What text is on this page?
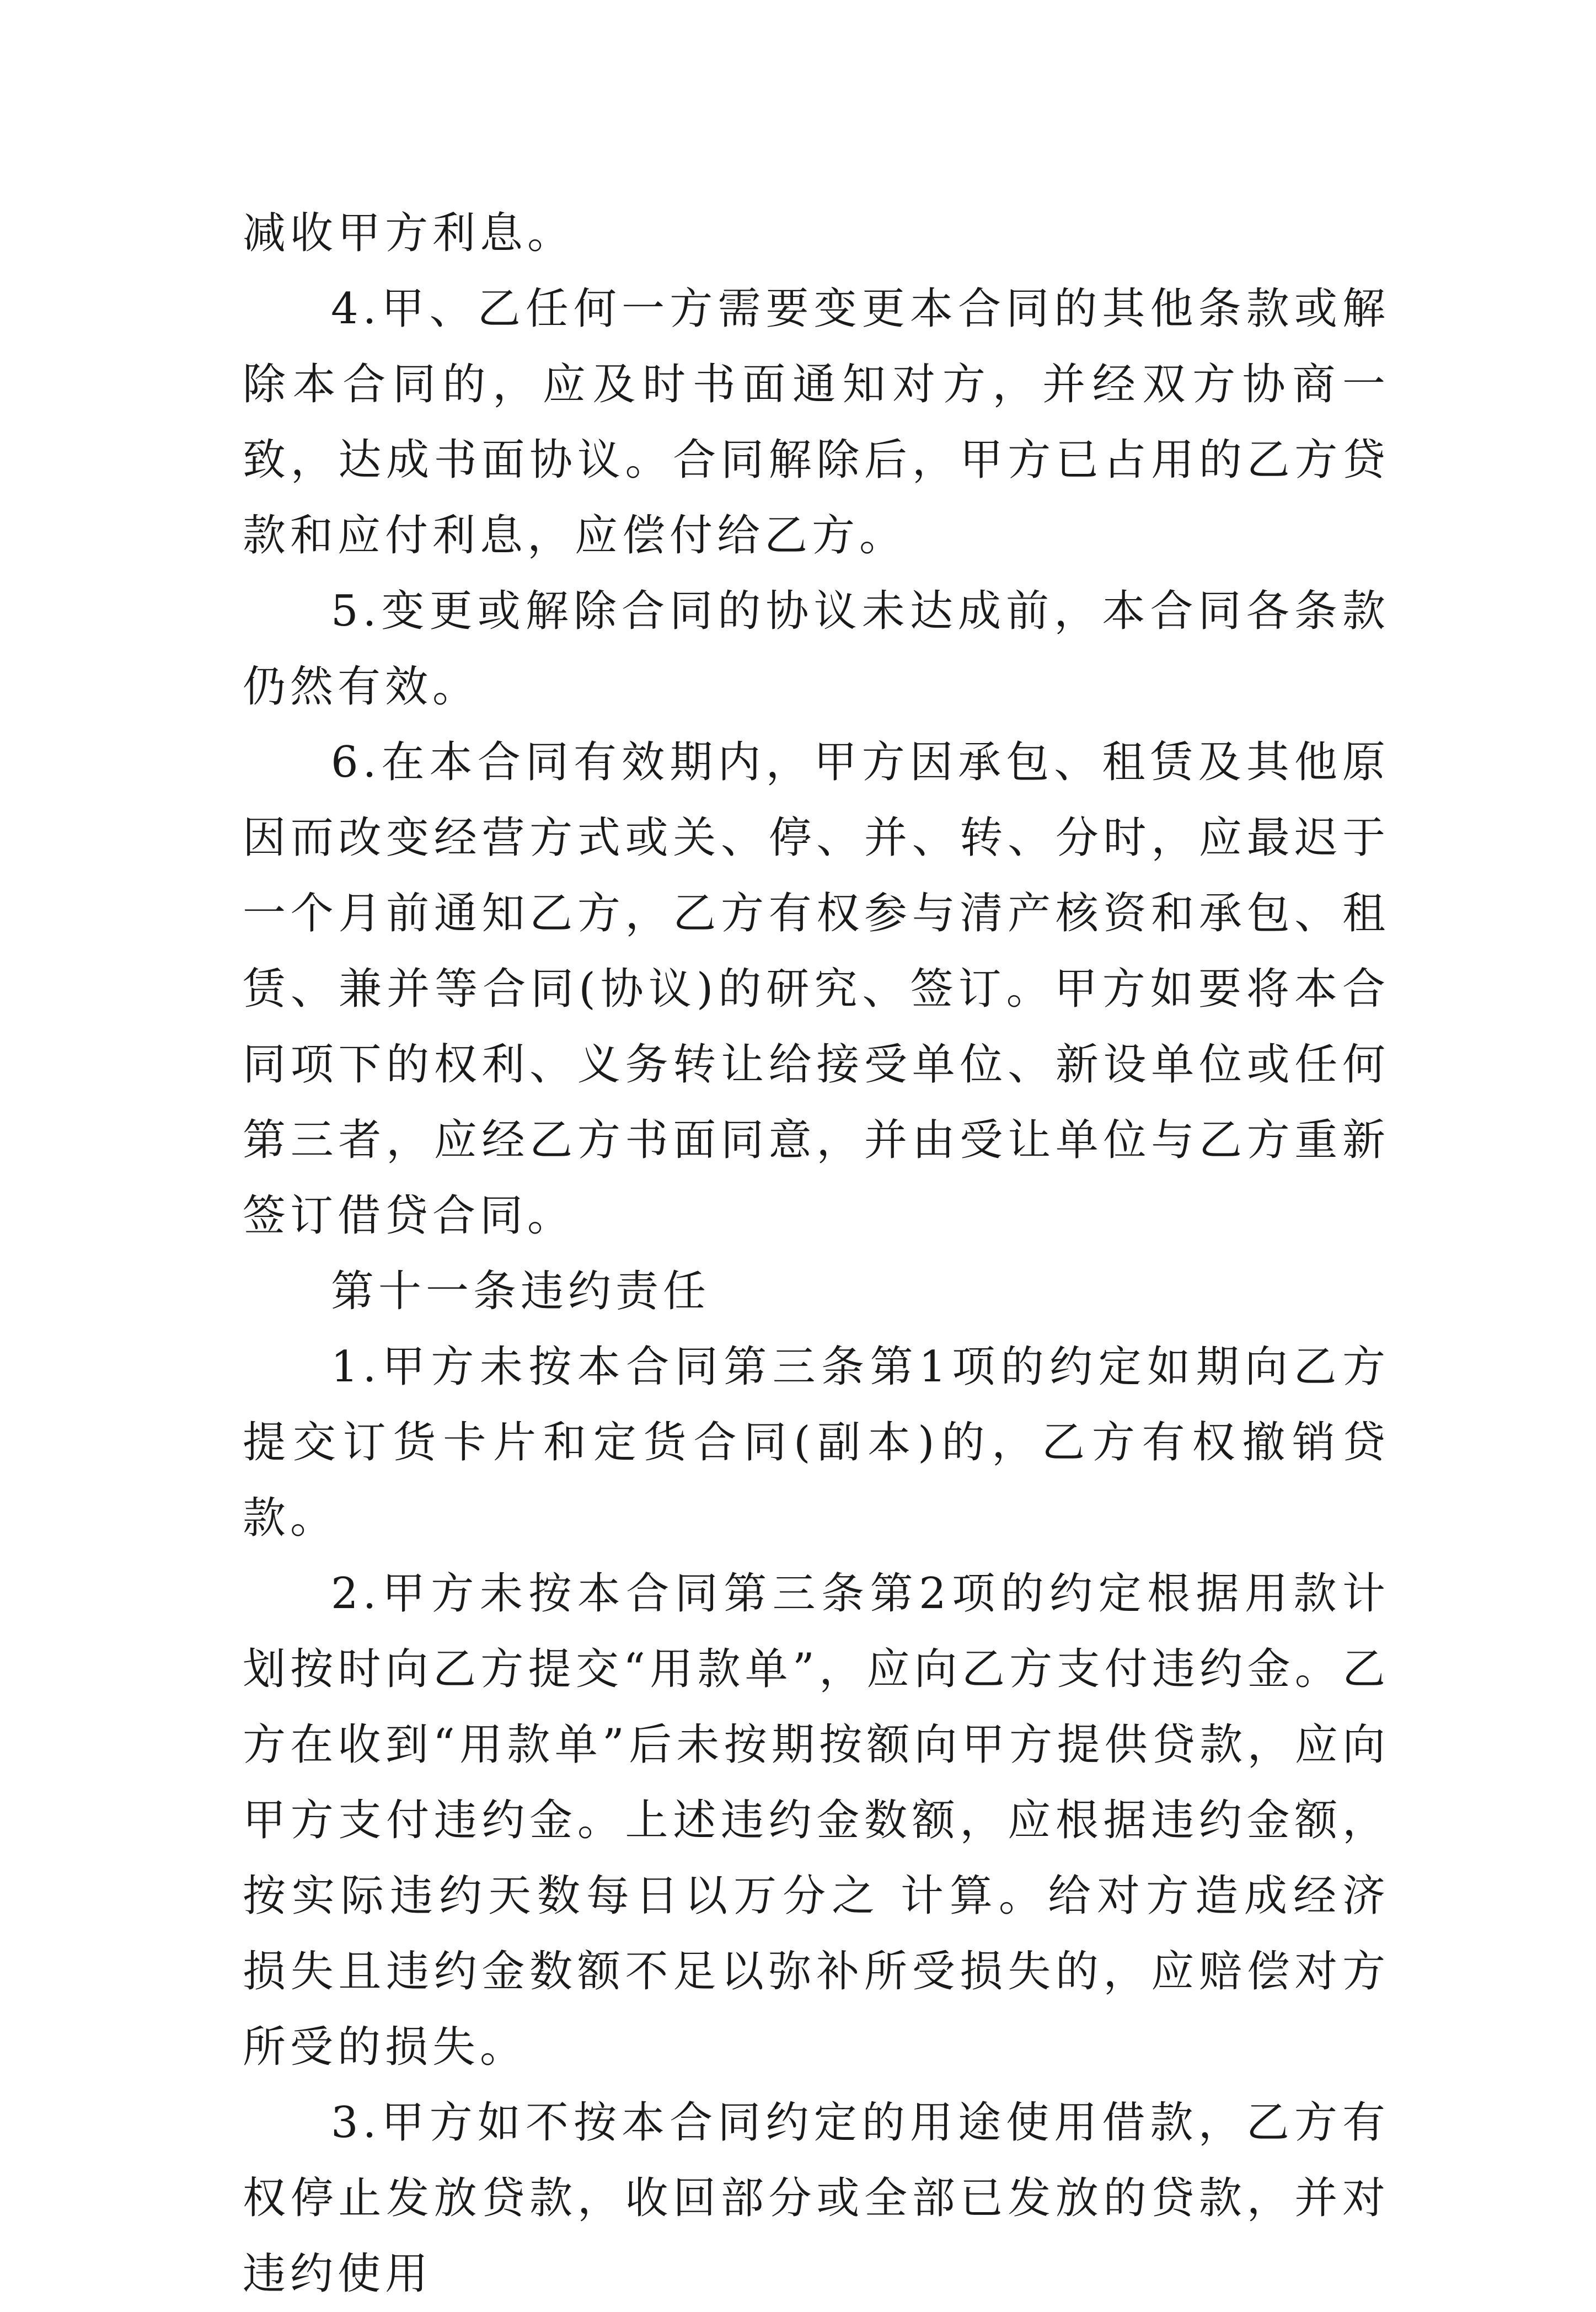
减收甲方利息。

4.甲、乙任何一方需要变更本合同的其他条款或解除本合同的，应及时书面通知对方，并经双方协商一致，达成书面协议。合同解除后，甲方已占用的乙方贷款和应付利息，应偿付给乙方。

5.变更或解除合同的协议未达成前，本合同各条款仍然有效。

6.在本合同有效期内，甲方因承包、租赁及其他原因而改变经营方式或关、停、并、转、分时，应最迟于一个月前通知乙方，乙方有权参与清产核资和承包、租赁、兼并等合同(协议)的研究、签订。甲方如要将本合同项下的权利、义务转让给接受单位、新设单位或任何第三者，应经乙方书面同意，并由受让单位与乙方重新签订借贷合同。

第十一条违约责任

1.甲方未按本合同第三条第1项的约定如期向乙方提交订货卡片和定货合同(副本)的，乙方有权撤销贷款。

2.甲方未按本合同第三条第2项的约定根据用款计划按时向乙方提交“用款单”，应向乙方支付违约金。乙方在收到“用款单”后未按期按额向甲方提供贷款，应向甲方支付违约金。上述违约金数额，应根据违约金额，按实际违约天数每日以万分之 计算。给对方造成经济损失且违约金数额不足以弥补所受损失的，应赔偿对方所受的损失。

3.甲方如不按本合同约定的用途使用借款，乙方有权停止发放贷款，收回部分或全部已发放的贷款，并对违约使用
